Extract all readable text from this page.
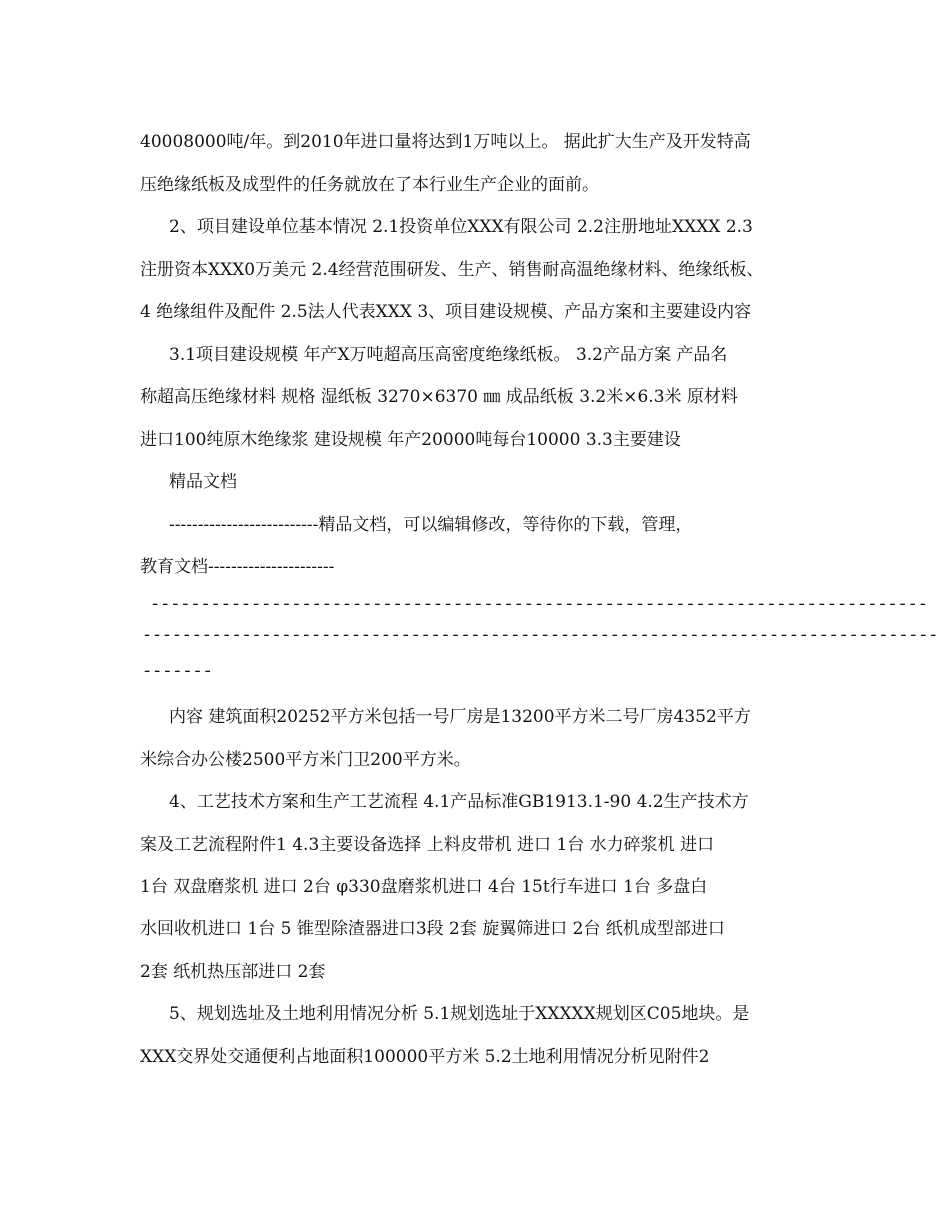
40008000吨/年。到2010年进口量将达到1万吨以上。 据此扩大生产及开发特高
压绝缘纸板及成型件的任务就放在了本行业生产企业的面前。
2、项目建设单位基本情况 2.1投资单位XXX有限公司 2.2注册地址XXXX 2.3
注册资本XXX0万美元 2.4经营范围研发、生产、销售耐高温绝缘材料、绝缘纸板、
4 绝缘组件及配件 2.5法人代表XXX 3、项目建设规模、产品方案和主要建设内容
3.1项目建设规模 年产X万吨超高压高密度绝缘纸板。 3.2产品方案 产品名
称超高压绝缘材料 规格 湿纸板 3270×6370 ㎜ 成品纸板 3.2米×6.3米 原材料
进口100纯原木绝缘浆 建设规模 年产20000吨每台10000 3.3主要建设
精品文档
--------------------------精品文档，可以编辑修改，等待你的下载，管理，
教育文档----------------------
-----------------------------------------------------------------------------
--------------------------------------------------------------------------------
-------
内容 建筑面积20252平方米包括一号厂房是13200平方米二号厂房4352平方
米综合办公楼2500平方米门卫200平方米。
4、工艺技术方案和生产工艺流程 4.1产品标准GB1913.1-90 4.2生产技术方
案及工艺流程附件1 4.3主要设备选择 上料皮带机 进口 1台 水力碎浆机 进口
1台 双盘磨浆机 进口 2台 φ330盘磨浆机进口 4台 15t行车进口 1台 多盘白
水回收机进口 1台 5 锥型除渣器进口3段 2套 旋翼筛进口 2台 纸机成型部进口
2套 纸机热压部进口 2套
5、规划选址及土地利用情况分析 5.1规划选址于XXXXX规划区C05地块。是
XXX交界处交通便利占地面积100000平方米 5.2土地利用情况分析见附件2
